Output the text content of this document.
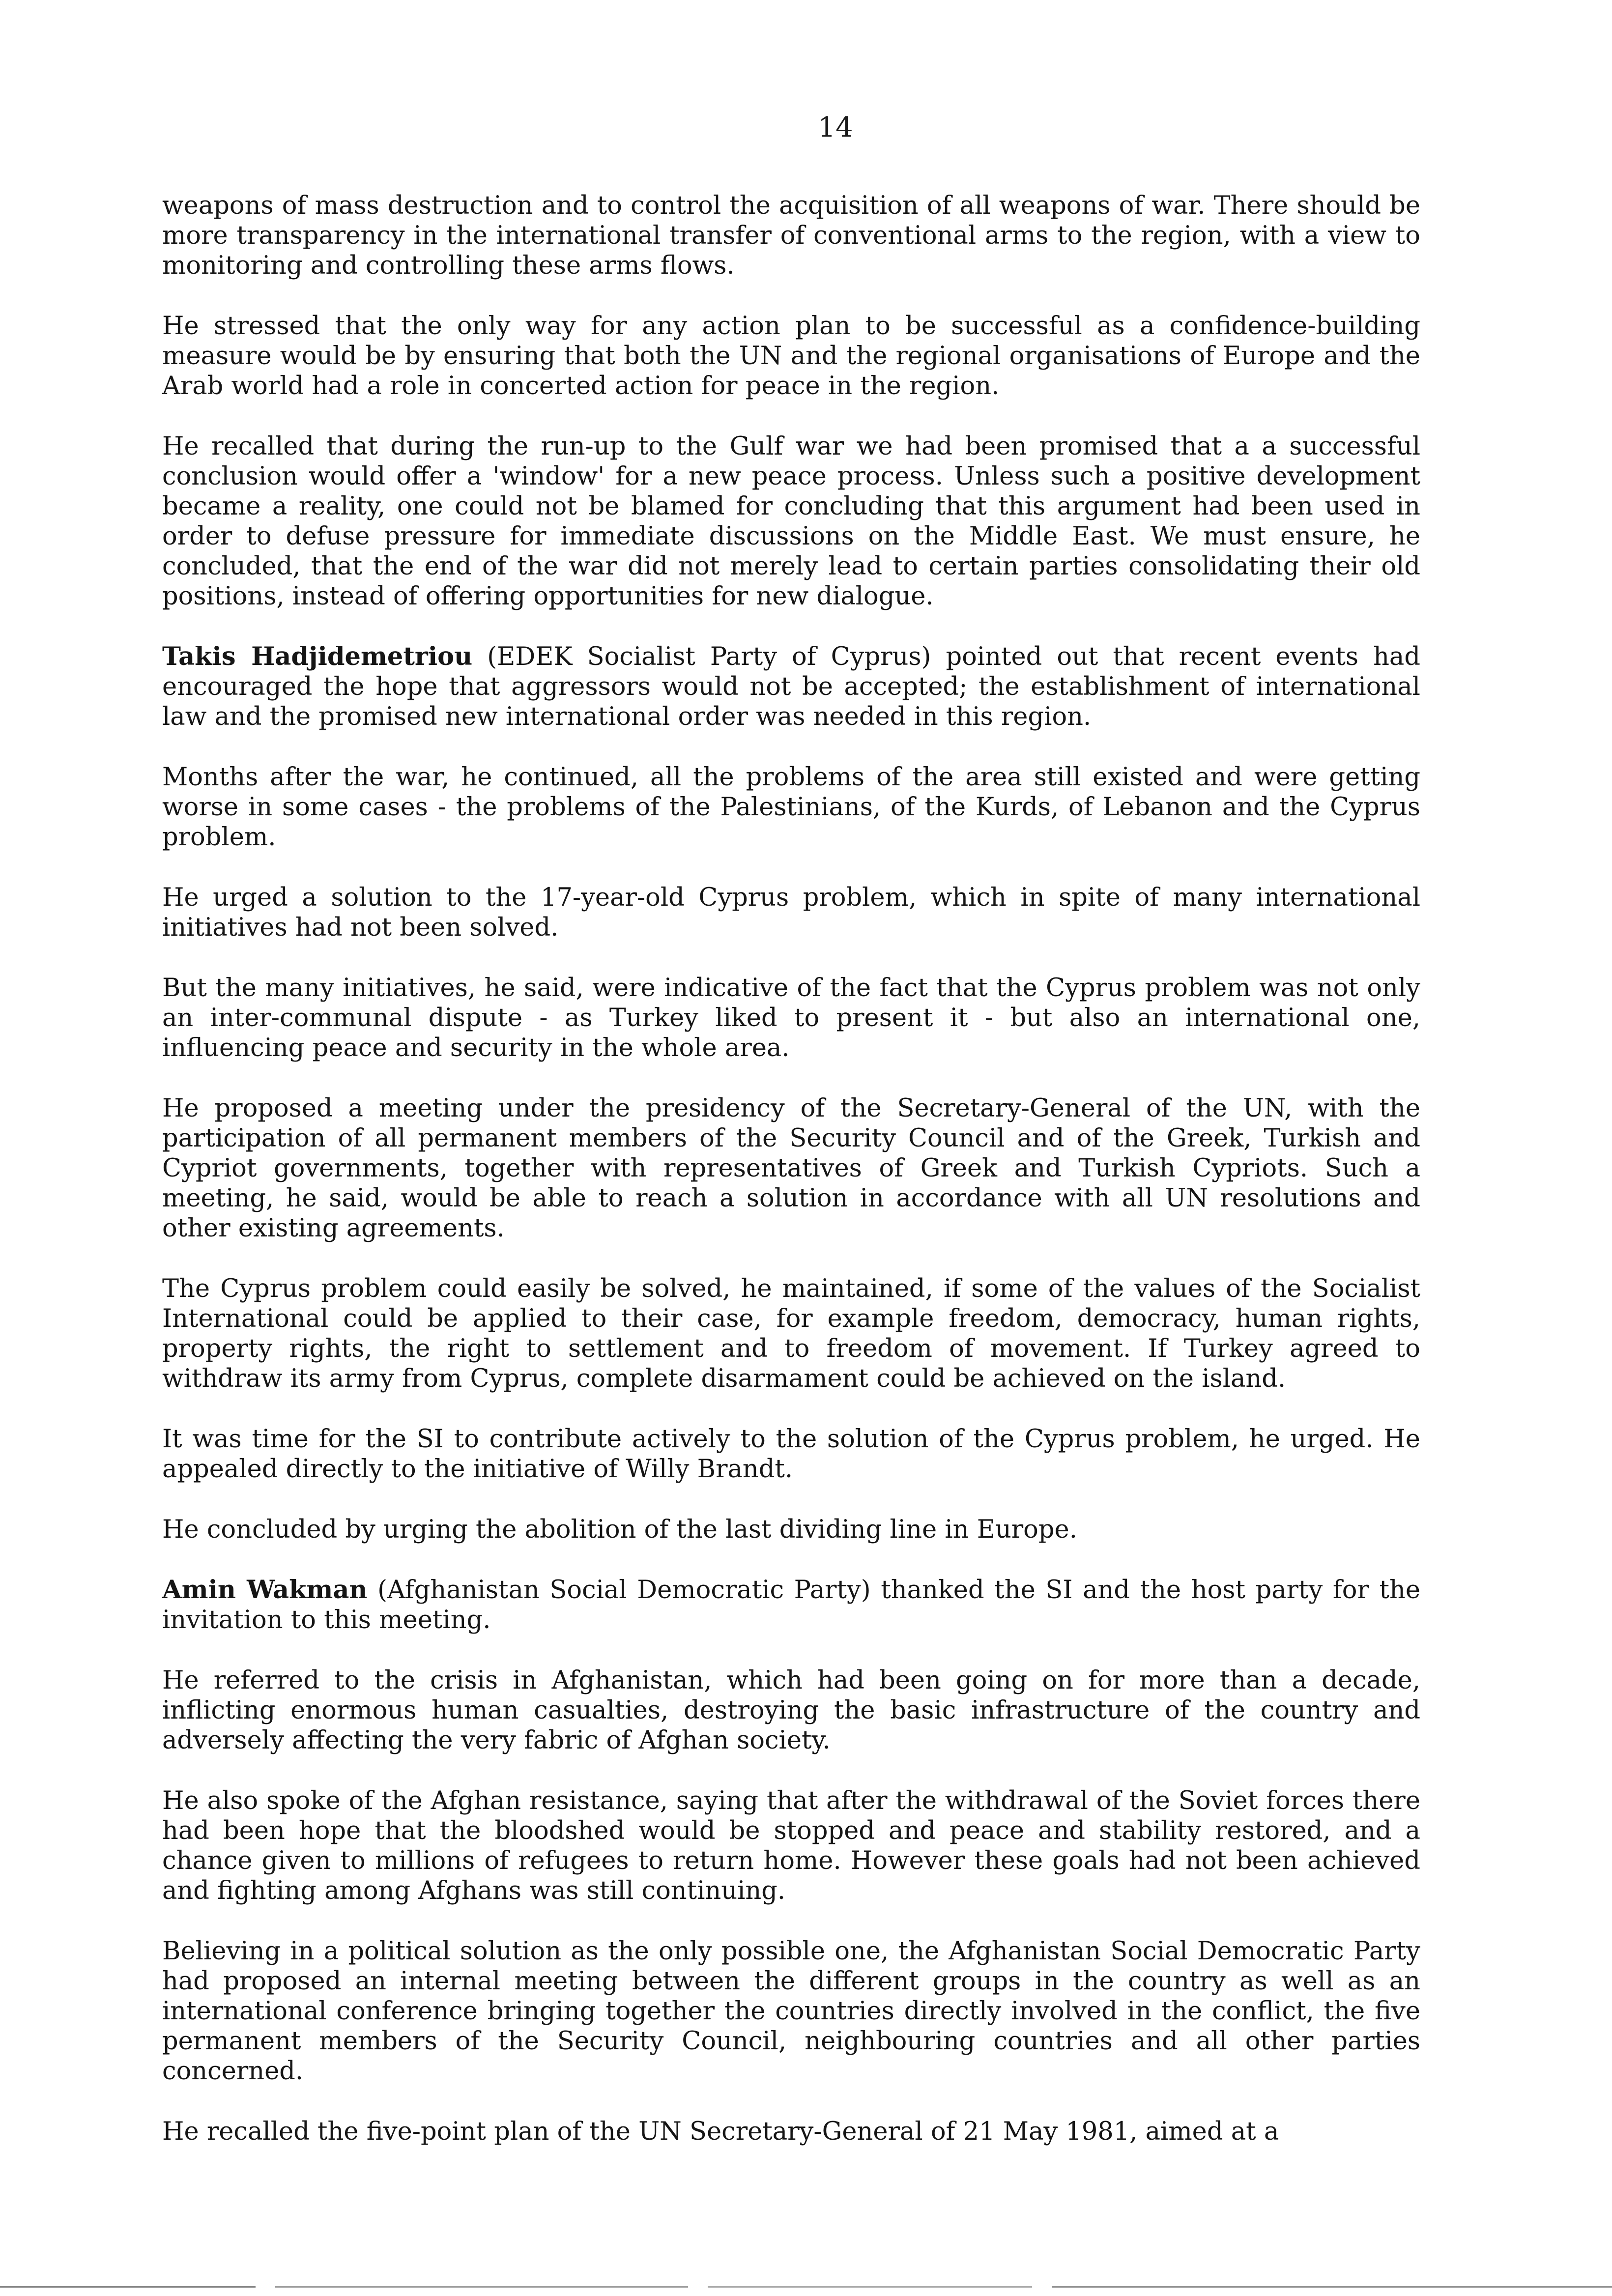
14

weapons of mass destruction and to control the acquisition of all weapons of war. There should be more transparency in the international transfer of conventional arms to the region, with a view to monitoring and controlling these arms flows.

He stressed that the only way for any action plan to be successful as a confidence-building measure would be by ensuring that both the UN and the regional organisations of Europe and the Arab world had a role in concerted action for peace in the region.

He recalled that during the run-up to the Gulf war we had been promised that a a successful conclusion would offer a 'window' for a new peace process. Unless such a positive development became a reality, one could not be blamed for concluding that this argument had been used in order to defuse pressure for immediate discussions on the Middle East. We must ensure, he concluded, that the end of the war did not merely lead to certain parties consolidating their old positions, instead of offering opportunities for new dialogue.

Takis Hadjidemetriou (EDEK Socialist Party of Cyprus) pointed out that recent events had encouraged the hope that aggressors would not be accepted; the establishment of international law and the promised new international order was needed in this region.

Months after the war, he continued, all the problems of the area still existed and were getting worse in some cases - the problems of the Palestinians, of the Kurds, of Lebanon and the Cyprus problem.

He urged a solution to the 17-year-old Cyprus problem, which in spite of many international initiatives had not been solved.

But the many initiatives, he said, were indicative of the fact that the Cyprus problem was not only an inter-communal dispute - as Turkey liked to present it - but also an international one, influencing peace and security in the whole area.

He proposed a meeting under the presidency of the Secretary-General of the UN, with the participation of all permanent members of the Security Council and of the Greek, Turkish and Cypriot governments, together with representatives of Greek and Turkish Cypriots. Such a meeting, he said, would be able to reach a solution in accordance with all UN resolutions and other existing agreements.

The Cyprus problem could easily be solved, he maintained, if some of the values of the Socialist International could be applied to their case, for example freedom, democracy, human rights, property rights, the right to settlement and to freedom of movement. If Turkey agreed to withdraw its army from Cyprus, complete disarmament could be achieved on the island.

It was time for the SI to contribute actively to the solution of the Cyprus problem, he urged. He appealed directly to the initiative of Willy Brandt.

He concluded by urging the abolition of the last dividing line in Europe.

Amin Wakman (Afghanistan Social Democratic Party) thanked the SI and the host party for the invitation to this meeting.

He referred to the crisis in Afghanistan, which had been going on for more than a decade, inflicting enormous human casualties, destroying the basic infrastructure of the country and adversely affecting the very fabric of Afghan society.

He also spoke of the Afghan resistance, saying that after the withdrawal of the Soviet forces there had been hope that the bloodshed would be stopped and peace and stability restored, and a chance given to millions of refugees to return home. However these goals had not been achieved and fighting among Afghans was still continuing.

Believing in a political solution as the only possible one, the Afghanistan Social Democratic Party had proposed an internal meeting between the different groups in the country as well as an international conference bringing together the countries directly involved in the conflict, the five permanent members of the Security Council, neighbouring countries and all other parties concerned.

He recalled the five-point plan of the UN Secretary-General of 21 May 1981, aimed at a
